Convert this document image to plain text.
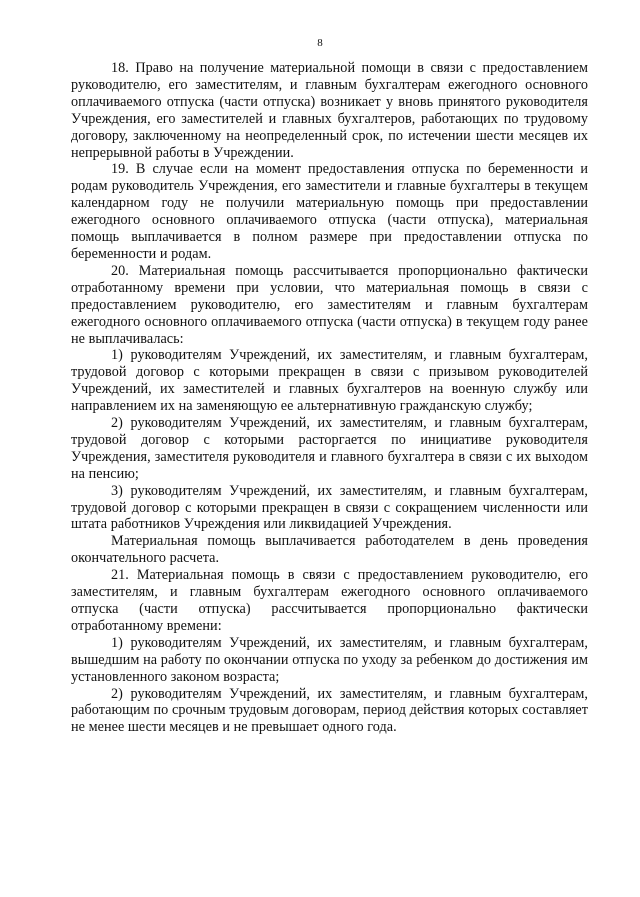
8

18. Право на получение материальной помощи в связи с предоставлением руководителю, его заместителям, и главным бухгалтерам ежегодного основного оплачиваемого отпуска (части отпуска) возникает у вновь принятого руководителя Учреждения, его заместителей и главных бухгалтеров, работающих по трудовому договору, заключенному на неопределенный срок, по истечении шести месяцев их непрерывной работы в Учреждении.

19. В случае если на момент предоставления отпуска по беременности и родам руководитель Учреждения, его заместители и главные бухгалтеры в текущем календарном году не получили материальную помощь при предоставлении ежегодного основного оплачиваемого отпуска (части отпуска), материальная помощь выплачивается в полном размере при предоставлении отпуска по беременности и родам.

20. Материальная помощь рассчитывается пропорционально фактически отработанному времени при условии, что материальная помощь в связи с предоставлением руководителю, его заместителям и главным бухгалтерам ежегодного основного оплачиваемого отпуска (части отпуска) в текущем году ранее не выплачивалась:

1) руководителям Учреждений, их заместителям, и главным бухгалтерам, трудовой договор с которыми прекращен в связи с призывом руководителей Учреждений, их заместителей и главных бухгалтеров на военную службу или направлением их на заменяющую ее альтернативную гражданскую службу;

2) руководителям Учреждений, их заместителям, и главным бухгалтерам, трудовой договор с которыми расторгается по инициативе руководителя Учреждения, заместителя руководителя и главного бухгалтера в связи с их выходом на пенсию;

3) руководителям Учреждений, их заместителям, и главным бухгалтерам, трудовой договор с которыми прекращен в связи с сокращением численности или штата работников Учреждения или ликвидацией Учреждения.

Материальная помощь выплачивается работодателем в день проведения окончательного расчета.

21. Материальная помощь в связи с предоставлением руководителю, его заместителям, и главным бухгалтерам ежегодного основного оплачиваемого отпуска (части отпуска) рассчитывается пропорционально фактически отработанному времени:

1) руководителям Учреждений, их заместителям, и главным бухгалтерам, вышедшим на работу по окончании отпуска по уходу за ребенком до достижения им установленного законом возраста;

2) руководителям Учреждений, их заместителям, и главным бухгалтерам, работающим по срочным трудовым договорам, период действия которых составляет не менее шести месяцев и не превышает одного года.
